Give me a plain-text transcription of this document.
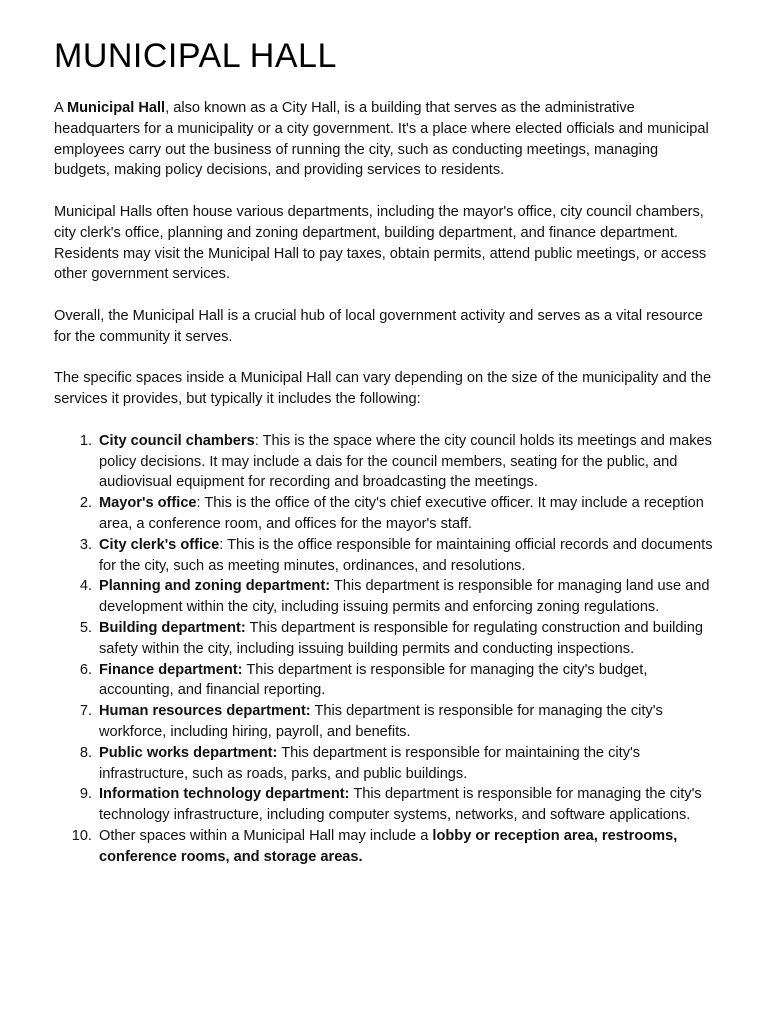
MUNICIPAL HALL

A Municipal Hall, also known as a City Hall, is a building that serves as the administrative headquarters for a municipality or a city government. It's a place where elected officials and municipal employees carry out the business of running the city, such as conducting meetings, managing budgets, making policy decisions, and providing services to residents.

Municipal Halls often house various departments, including the mayor's office, city council chambers, city clerk's office, planning and zoning department, building department, and finance department. Residents may visit the Municipal Hall to pay taxes, obtain permits, attend public meetings, or access other government services.

Overall, the Municipal Hall is a crucial hub of local government activity and serves as a vital resource for the community it serves.

The specific spaces inside a Municipal Hall can vary depending on the size of the municipality and the services it provides, but typically it includes the following:

1. City council chambers: This is the space where the city council holds its meetings and makes policy decisions. It may include a dais for the council members, seating for the public, and audiovisual equipment for recording and broadcasting the meetings.
2. Mayor's office: This is the office of the city's chief executive officer. It may include a reception area, a conference room, and offices for the mayor's staff.
3. City clerk's office: This is the office responsible for maintaining official records and documents for the city, such as meeting minutes, ordinances, and resolutions.
4. Planning and zoning department: This department is responsible for managing land use and development within the city, including issuing permits and enforcing zoning regulations.
5. Building department: This department is responsible for regulating construction and building safety within the city, including issuing building permits and conducting inspections.
6. Finance department: This department is responsible for managing the city's budget, accounting, and financial reporting.
7. Human resources department: This department is responsible for managing the city's workforce, including hiring, payroll, and benefits.
8. Public works department: This department is responsible for maintaining the city's infrastructure, such as roads, parks, and public buildings.
9. Information technology department: This department is responsible for managing the city's technology infrastructure, including computer systems, networks, and software applications.
10. Other spaces within a Municipal Hall may include a lobby or reception area, restrooms, conference rooms, and storage areas.
